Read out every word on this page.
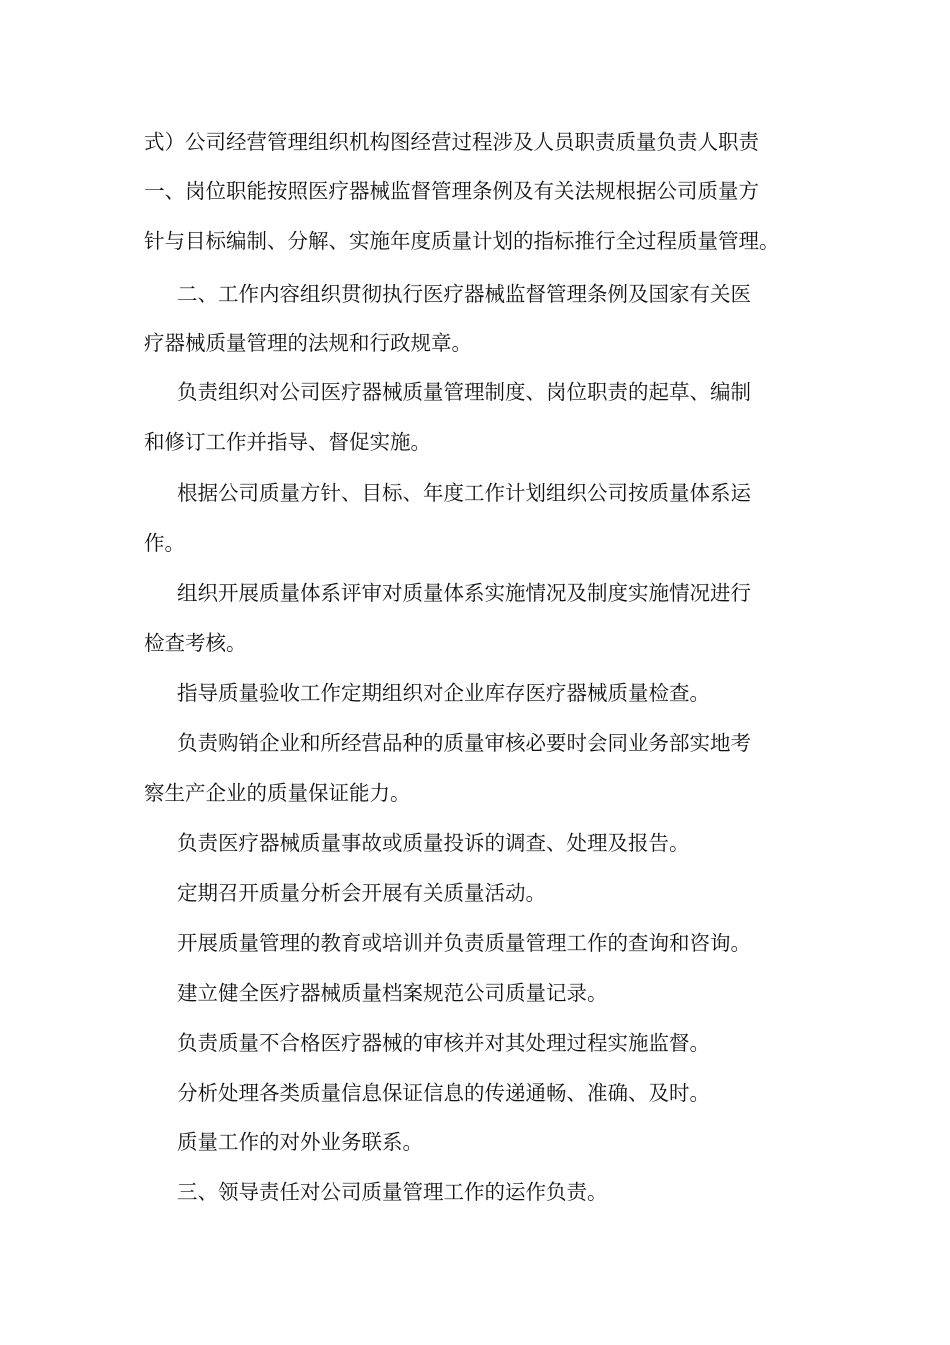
式）公司经营管理组织机构图经营过程涉及人员职责质量负责人职责

一、岗位职能按照医疗器械监督管理条例及有关法规根据公司质量方

针与目标编制、分解、实施年度质量计划的指标推行全过程质量管理。

二、工作内容组织贯彻执行医疗器械监督管理条例及国家有关医

疗器械质量管理的法规和行政规章。

负责组织对公司医疗器械质量管理制度、岗位职责的起草、编制

和修订工作并指导、督促实施。

根据公司质量方针、目标、年度工作计划组织公司按质量体系运

作。

组织开展质量体系评审对质量体系实施情况及制度实施情况进行

检查考核。

指导质量验收工作定期组织对企业库存医疗器械质量检查。

负责购销企业和所经营品种的质量审核必要时会同业务部实地考

察生产企业的质量保证能力。

负责医疗器械质量事故或质量投诉的调查、处理及报告。

定期召开质量分析会开展有关质量活动。

开展质量管理的教育或培训并负责质量管理工作的查询和咨询。

建立健全医疗器械质量档案规范公司质量记录。

负责质量不合格医疗器械的审核并对其处理过程实施监督。

分析处理各类质量信息保证信息的传递通畅、准确、及时。

质量工作的对外业务联系。

三、领导责任对公司质量管理工作的运作负责。
